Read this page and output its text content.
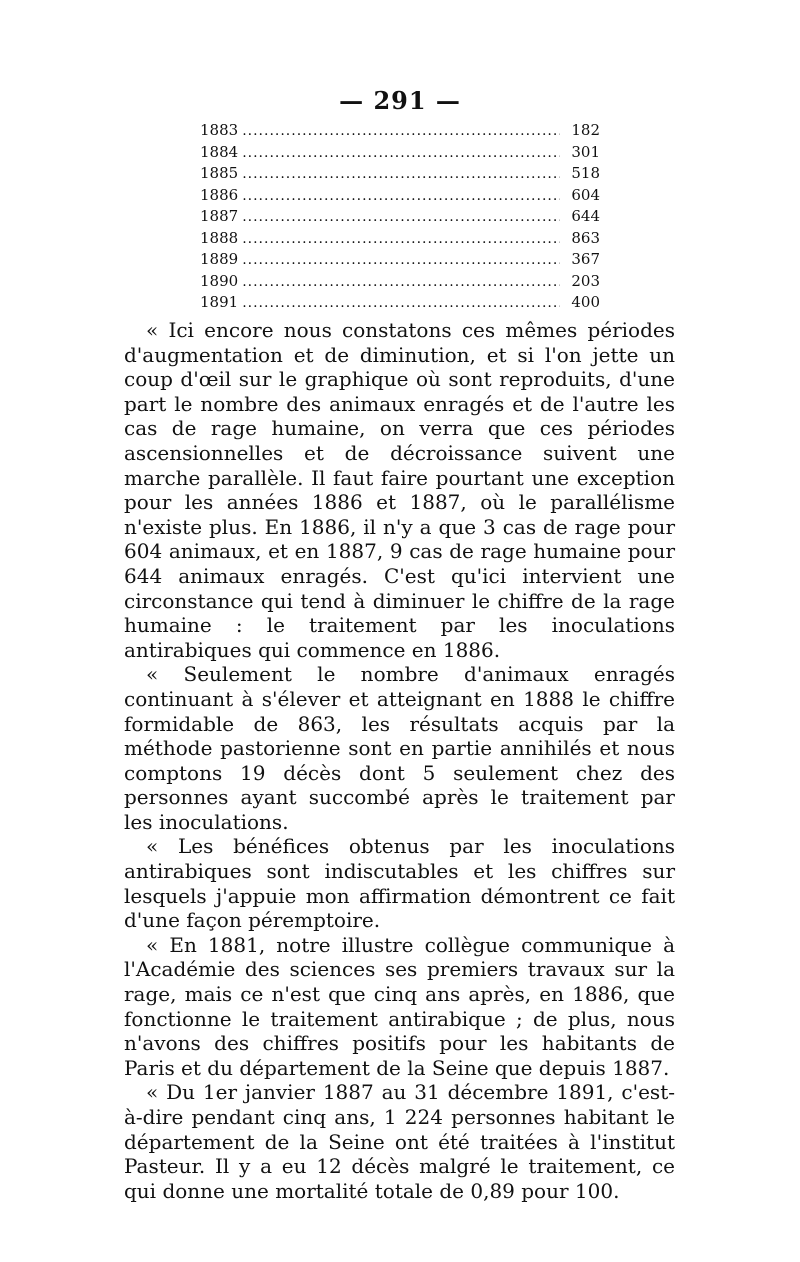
— 291 —
1883 .....	182
1884 .....	301
1885 .....	518
1886 .....	604
1887 .....	644
1888 .....	863
1889 .....	367
1890 .....	203
1891 .....	400

« Ici encore nous constatons ces mêmes périodes d'augmentation et de diminution, et si l'on jette un coup d'œil sur le graphique où sont reproduits, d'une part le nombre des animaux enragés et de l'autre les cas de rage humaine, on verra que ces périodes ascensionnelles et de décroissance suivent une marche parallèle. Il faut faire pourtant une exception pour les années 1886 et 1887, où le parallélisme n'existe plus. En 1886, il n'y a que 3 cas de rage pour 604 animaux, et en 1887, 9 cas de rage humaine pour 644 animaux enragés. C'est qu'ici intervient une circonstance qui tend à diminuer le chiffre de la rage humaine : le traitement par les inoculations antirabiques qui commence en 1886.

« Seulement le nombre d'animaux enragés continuant à s'élever et atteignant en 1888 le chiffre formidable de 863, les résultats acquis par la méthode pastorienne sont en partie annihilés et nous comptons 19 décès dont 5 seulement chez des personnes ayant succombé après le traitement par les inoculations.

« Les bénéfices obtenus par les inoculations antirabiques sont indiscutables et les chiffres sur lesquels j'appuie mon affirmation démontrent ce fait d'une façon péremptoire.

« En 1881, notre illustre collègue communique à l'Académie des sciences ses premiers travaux sur la rage, mais ce n'est que cinq ans après, en 1886, que fonctionne le traitement antirabique ; de plus, nous n'avons des chiffres positifs pour les habitants de Paris et du département de la Seine que depuis 1887.

« Du 1er janvier 1887 au 31 décembre 1891, c'est-à-dire pendant cinq ans, 1 224 personnes habitant le département de la Seine ont été traitées à l'institut Pasteur. Il y a eu 12 décès malgré le traitement, ce qui donne une mortalité totale de 0,89 pour 100.
